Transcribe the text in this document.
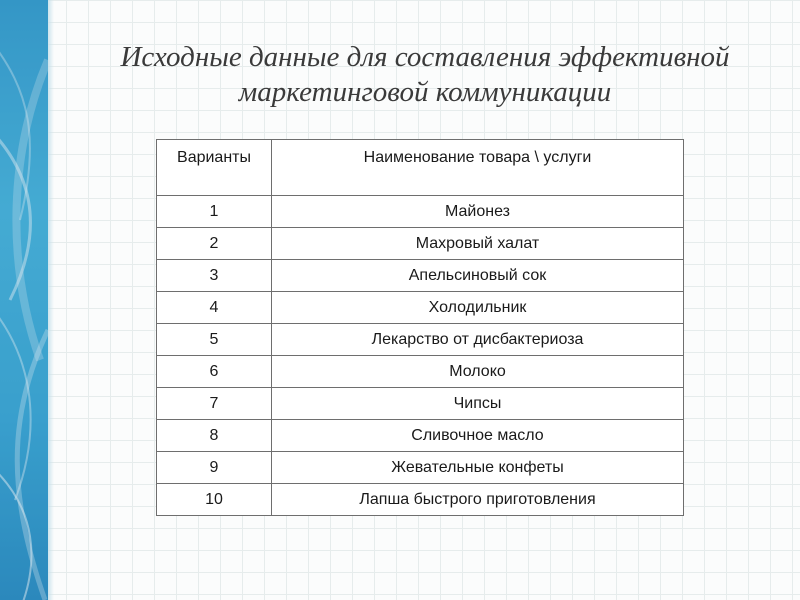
Исходные данные для составления эффективной маркетинговой коммуникации
Варианты	Наименование товара \ услуги
1	Майонез
2	Махровый халат
3	Апельсиновый сок
4	Холодильник
5	Лекарство от дисбактериоза
6	Молоко
7	Чипсы
8	Сливочное масло
9	Жевательные конфеты
10	Лапша быстрого приготовления
